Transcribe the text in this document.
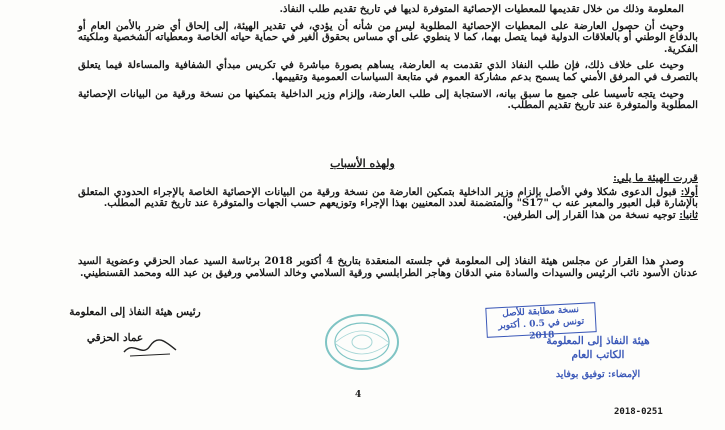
المعلومة وذلك من خلال تقديمها للمعطيات الإحصائية المتوفرة لديها في تاريخ تقديم طلب النفاذ.

وحيث أن حصول العارضة على المعطيات الإحصائية المطلوبة ليس من شأنه أن يؤدي، في تقدير الهيئة، إلى إلحاق أي ضرر بالأمن العام أو بالدفاع الوطني أو بالعلاقات الدولية فيما يتصل بهما، كما لا ينطوي على أي مساس بحقوق الغير في حماية حياته الخاصة ومعطياته الشخصية وملكيته الفكرية.

وحيث على خلاف ذلك، فإن طلب النفاذ الذي تقدمت به العارضة، يساهم بصورة مباشرة في تكريس مبدأي الشفافية والمساءلة فيما يتعلق بالتصرف في المرفق الأمني كما يسمح بدعم مشاركة العموم في متابعة السياسات العمومية وتقييمها.

وحيث يتجه تأسيسا على جميع ما سبق بيانه، الاستجابة إلى طلب العارضة، وإلزام وزير الداخلية بتمكينها من نسخة ورقية من البيانات الإحصائية المطلوبة والمتوفرة عند تاريخ تقديم المطلب.

ولهذه الأسباب
قررت الهيئة ما يلي:

أولا: قبول الدعوى شكلا وفي الأصل بإلزام وزير الداخلية بتمكين العارضة من نسخة ورقية من البيانات الإحصائية الخاصة بالإجراء الحدودي المتعلق بالإشارة قبل العبور والمعبر عنه ب "S17" والمتضمنة لعدد المعنيين بهذا الإجراء وتوزيعهم حسب الجهات والمتوفرة عند تاريخ تقديم المطلب.

ثانيا: توجيه نسخة من هذا القرار إلى الطرفين.

وصدر هذا القرار عن مجلس هيئة النفاذ إلى المعلومة في جلسته المنعقدة بتاريخ 4 أكتوبر 2018 برئاسة السيد عماد الحزقي وعضوية السيد عدنان الأسود نائب الرئيس والسيدات والسادة مني الدقان وهاجر الطرابلسي ورقية السلامي وخالد السلامي ورفيق بن عبد الله ومحمد القسنطيني.

رئيس هيئة النفاذ إلى المعلومة
عماد الحزقي
نسخة مطابقة للأصل
تونس في 0.5 . أكتوبر 2018
هيئة النفاذ إلى المعلومة
الكاتب العام
الإمضاء: توفيق بوفايد
4
2018-0251
